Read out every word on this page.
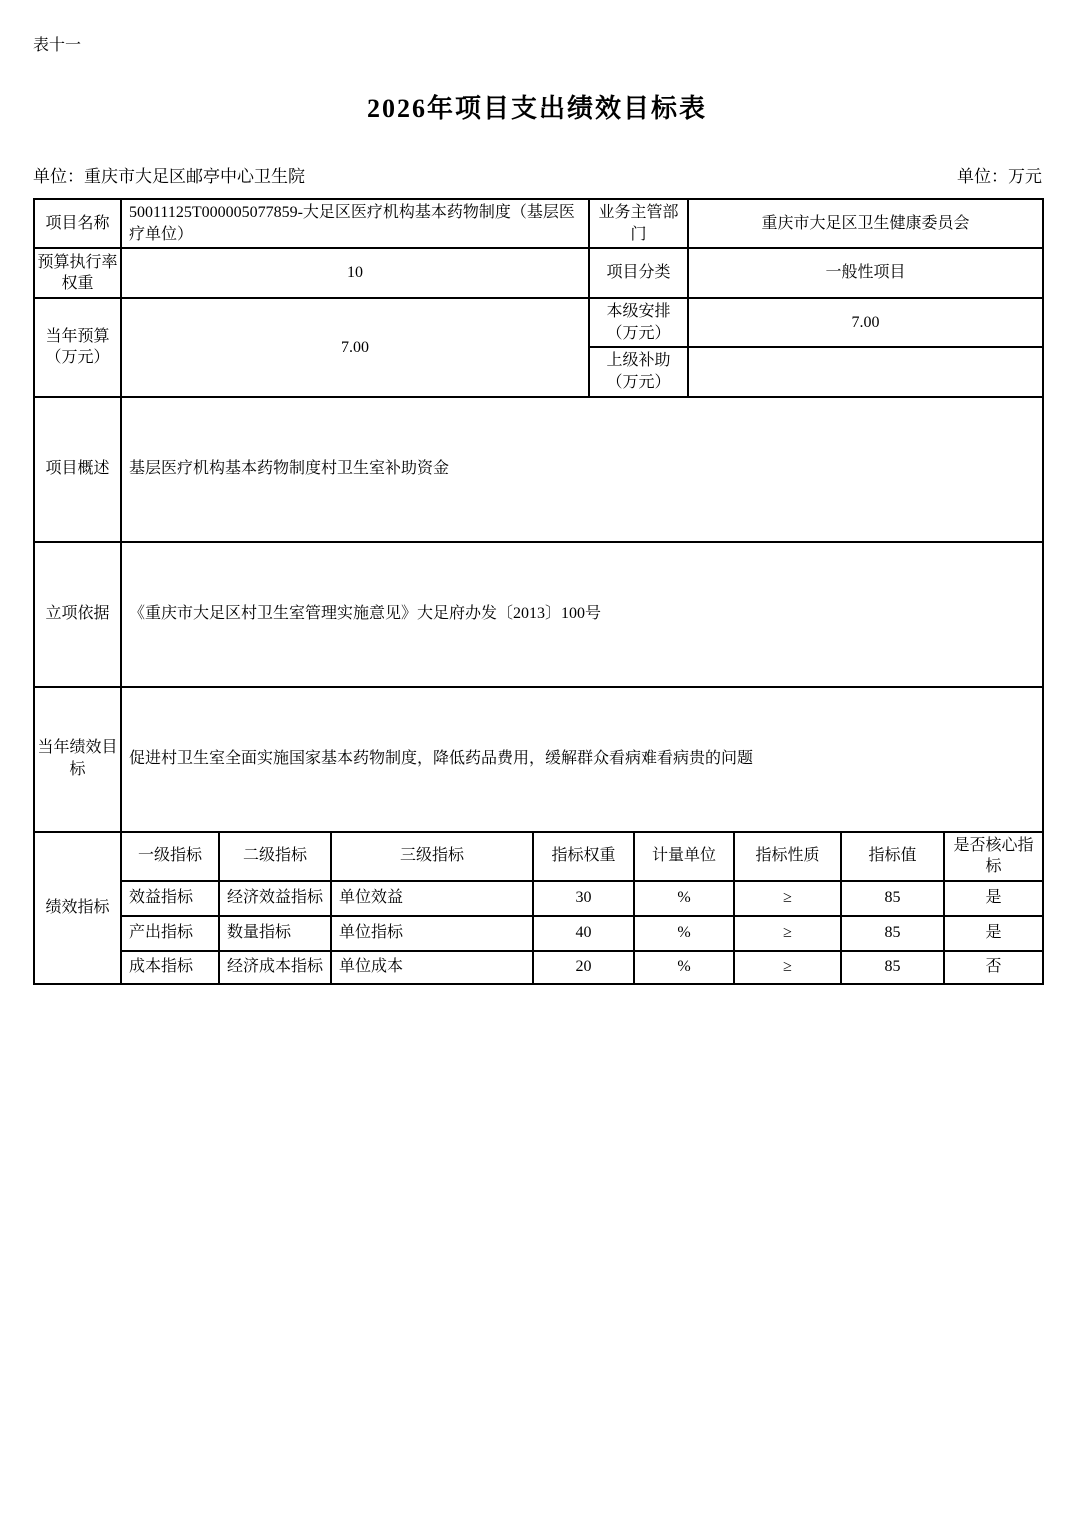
表十一
2026年项目支出绩效目标表
单位：重庆市大足区邮亭中心卫生院	单位：万元
项目名称	50011125T000005077859-大足区医疗机构基本药物制度（基层医疗单位）	业务主管部门	重庆市大足区卫生健康委员会
预算执行率权重	10	项目分类	一般性项目
当年预算（万元）	7.00	本级安排（万元）	7.00
		上级补助（万元）	
项目概述	基层医疗机构基本药物制度村卫生室补助资金		
立项依据	《重庆市大足区村卫生室管理实施意见》大足府办发〔2013〕100号		
当年绩效目标	促进村卫生室全面实施国家基本药物制度，降低药品费用，缓解群众看病难看病贵的问题		
绩效指标	一级指标	二级指标	三级指标	指标权重	计量单位	指标性质	指标值	是否核心指标
	效益指标	经济效益指标	单位效益	30	%	≥	85	是
	产出指标	数量指标	单位指标	40	%	≥	85	是
	成本指标	经济成本指标	单位成本	20	%	≥	85	否
